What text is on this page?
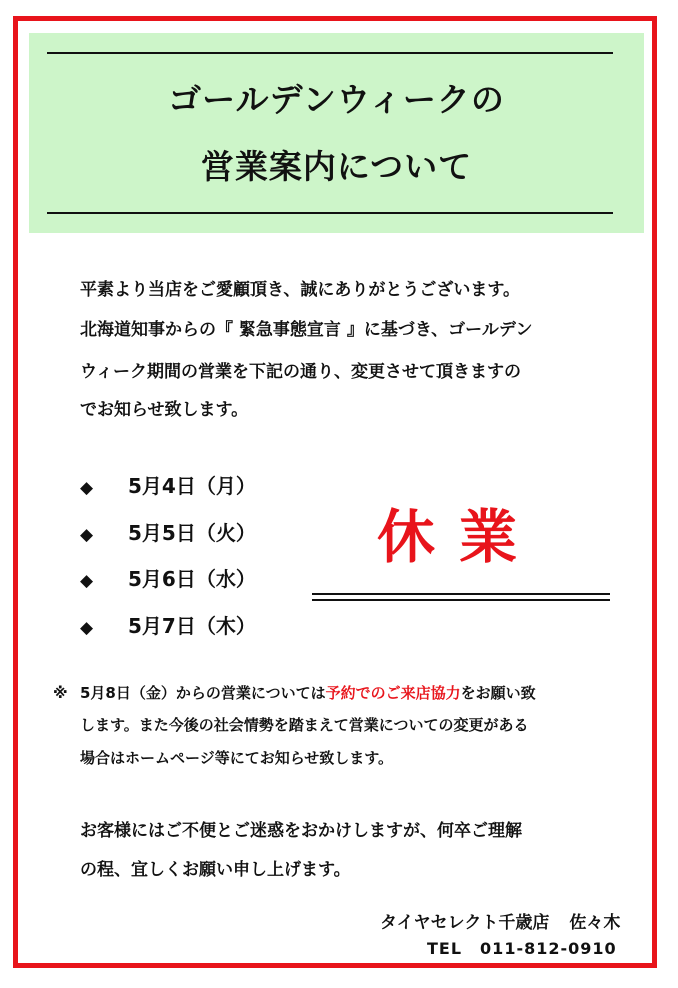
ゴールデンウィークの
営業案内について
平素より当店をご愛顧頂き、誠にありがとうございます。
北海道知事からの『 緊急事態宣言 』に基づき、ゴールデン
ウィーク期間の営業を下記の通り、変更させて頂きますの
でお知らせ致します。
◆ 5月4日（月）
◆ 5月5日（火）
◆ 5月6日（水）
◆ 5月7日（木）
休業
※ 5月8日（金）からの営業については予約でのご来店協力をお願い致
します。また今後の社会情勢を踏まえて営業についての変更がある
場合はホームページ等にてお知らせ致します。
お客様にはご不便とご迷惑をおかけしますが、何卒ご理解
の程、宜しくお願い申し上げます。
タイヤセレクト千歳店 佐々木
TEL 011-812-0910
